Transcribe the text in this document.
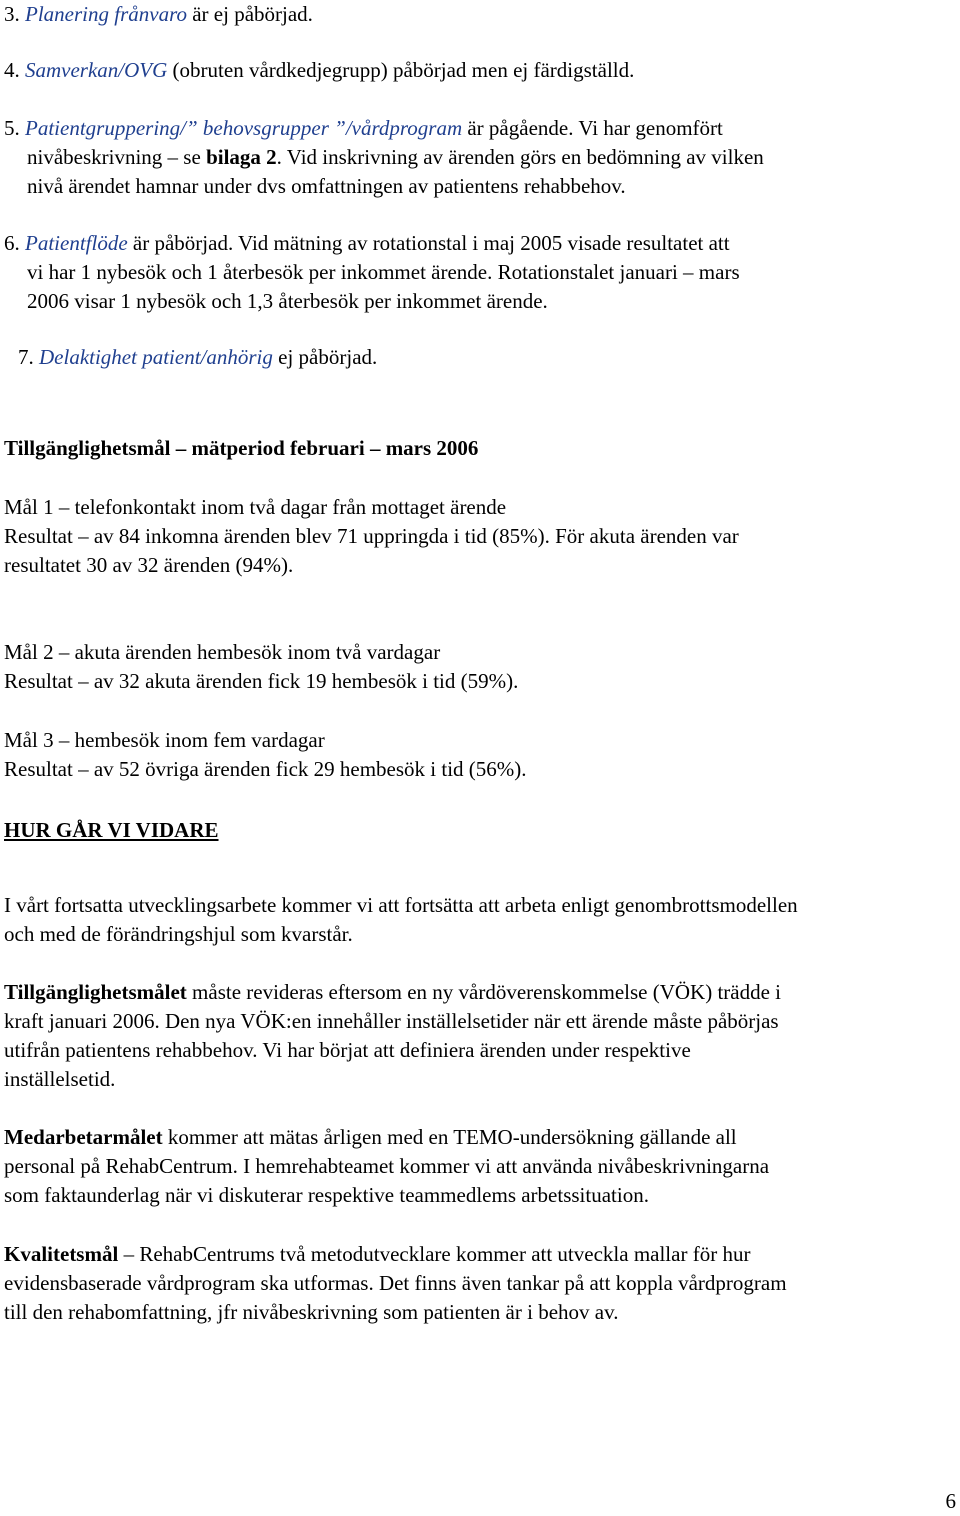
3. Planering frånvaro är ej påbörjad.
4. Samverkan/OVG (obruten vårdkedjegrupp) påbörjad men ej färdigställd.
5. Patientgruppering/” behovsgrupper ”/vårdprogram är pågående. Vi har genomfört
nivåbeskrivning – se bilaga 2. Vid inskrivning av ärenden görs en bedömning av vilken
nivå ärendet hamnar under dvs omfattningen av patientens rehabbehov.
6. Patientflöde är påbörjad. Vid mätning av rotationstal i maj 2005 visade resultatet att
vi har 1 nybesök och 1 återbesök per inkommet ärende. Rotationstalet januari – mars
2006 visar 1 nybesök och 1,3 återbesök per inkommet ärende.
7. Delaktighet patient/anhörig ej påbörjad.

Tillgänglighetsmål – mätperiod februari – mars 2006

Mål 1 – telefonkontakt inom två dagar från mottaget ärende

Resultat – av 84 inkomna ärenden blev 71 uppringda i tid (85%). För akuta ärenden var

resultatet 30 av 32 ärenden (94%).

Mål 2 – akuta ärenden hembesök inom två vardagar

Resultat – av 32 akuta ärenden fick 19 hembesök i tid (59%).

Mål 3 – hembesök inom fem vardagar

Resultat – av 52 övriga ärenden fick 29 hembesök i tid (56%).

HUR GÅR VI VIDARE

I vårt fortsatta utvecklingsarbete kommer vi att fortsätta att arbeta enligt genombrottsmodellen

och med de förändringshjul som kvarstår.

Tillgänglighetsmålet måste revideras eftersom en ny vårdöverenskommelse (VÖK) trädde i

kraft januari 2006. Den nya VÖK:en innehåller inställelsetider när ett ärende måste påbörjas

utifrån patientens rehabbehov. Vi har börjat att definiera ärenden under respektive

inställelsetid.

Medarbetarmålet kommer att mätas årligen med en TEMO-undersökning gällande all

personal på RehabCentrum. I hemrehabteamet kommer vi att använda nivåbeskrivningarna

som faktaunderlag när vi diskuterar respektive teammedlems arbetssituation.

Kvalitetsmål – RehabCentrums två metodutvecklare kommer att utveckla mallar för hur

evidensbaserade vårdprogram ska utformas. Det finns även tankar på att koppla vårdprogram

till den rehabomfattning, jfr nivåbeskrivning som patienten är i behov av.

6
